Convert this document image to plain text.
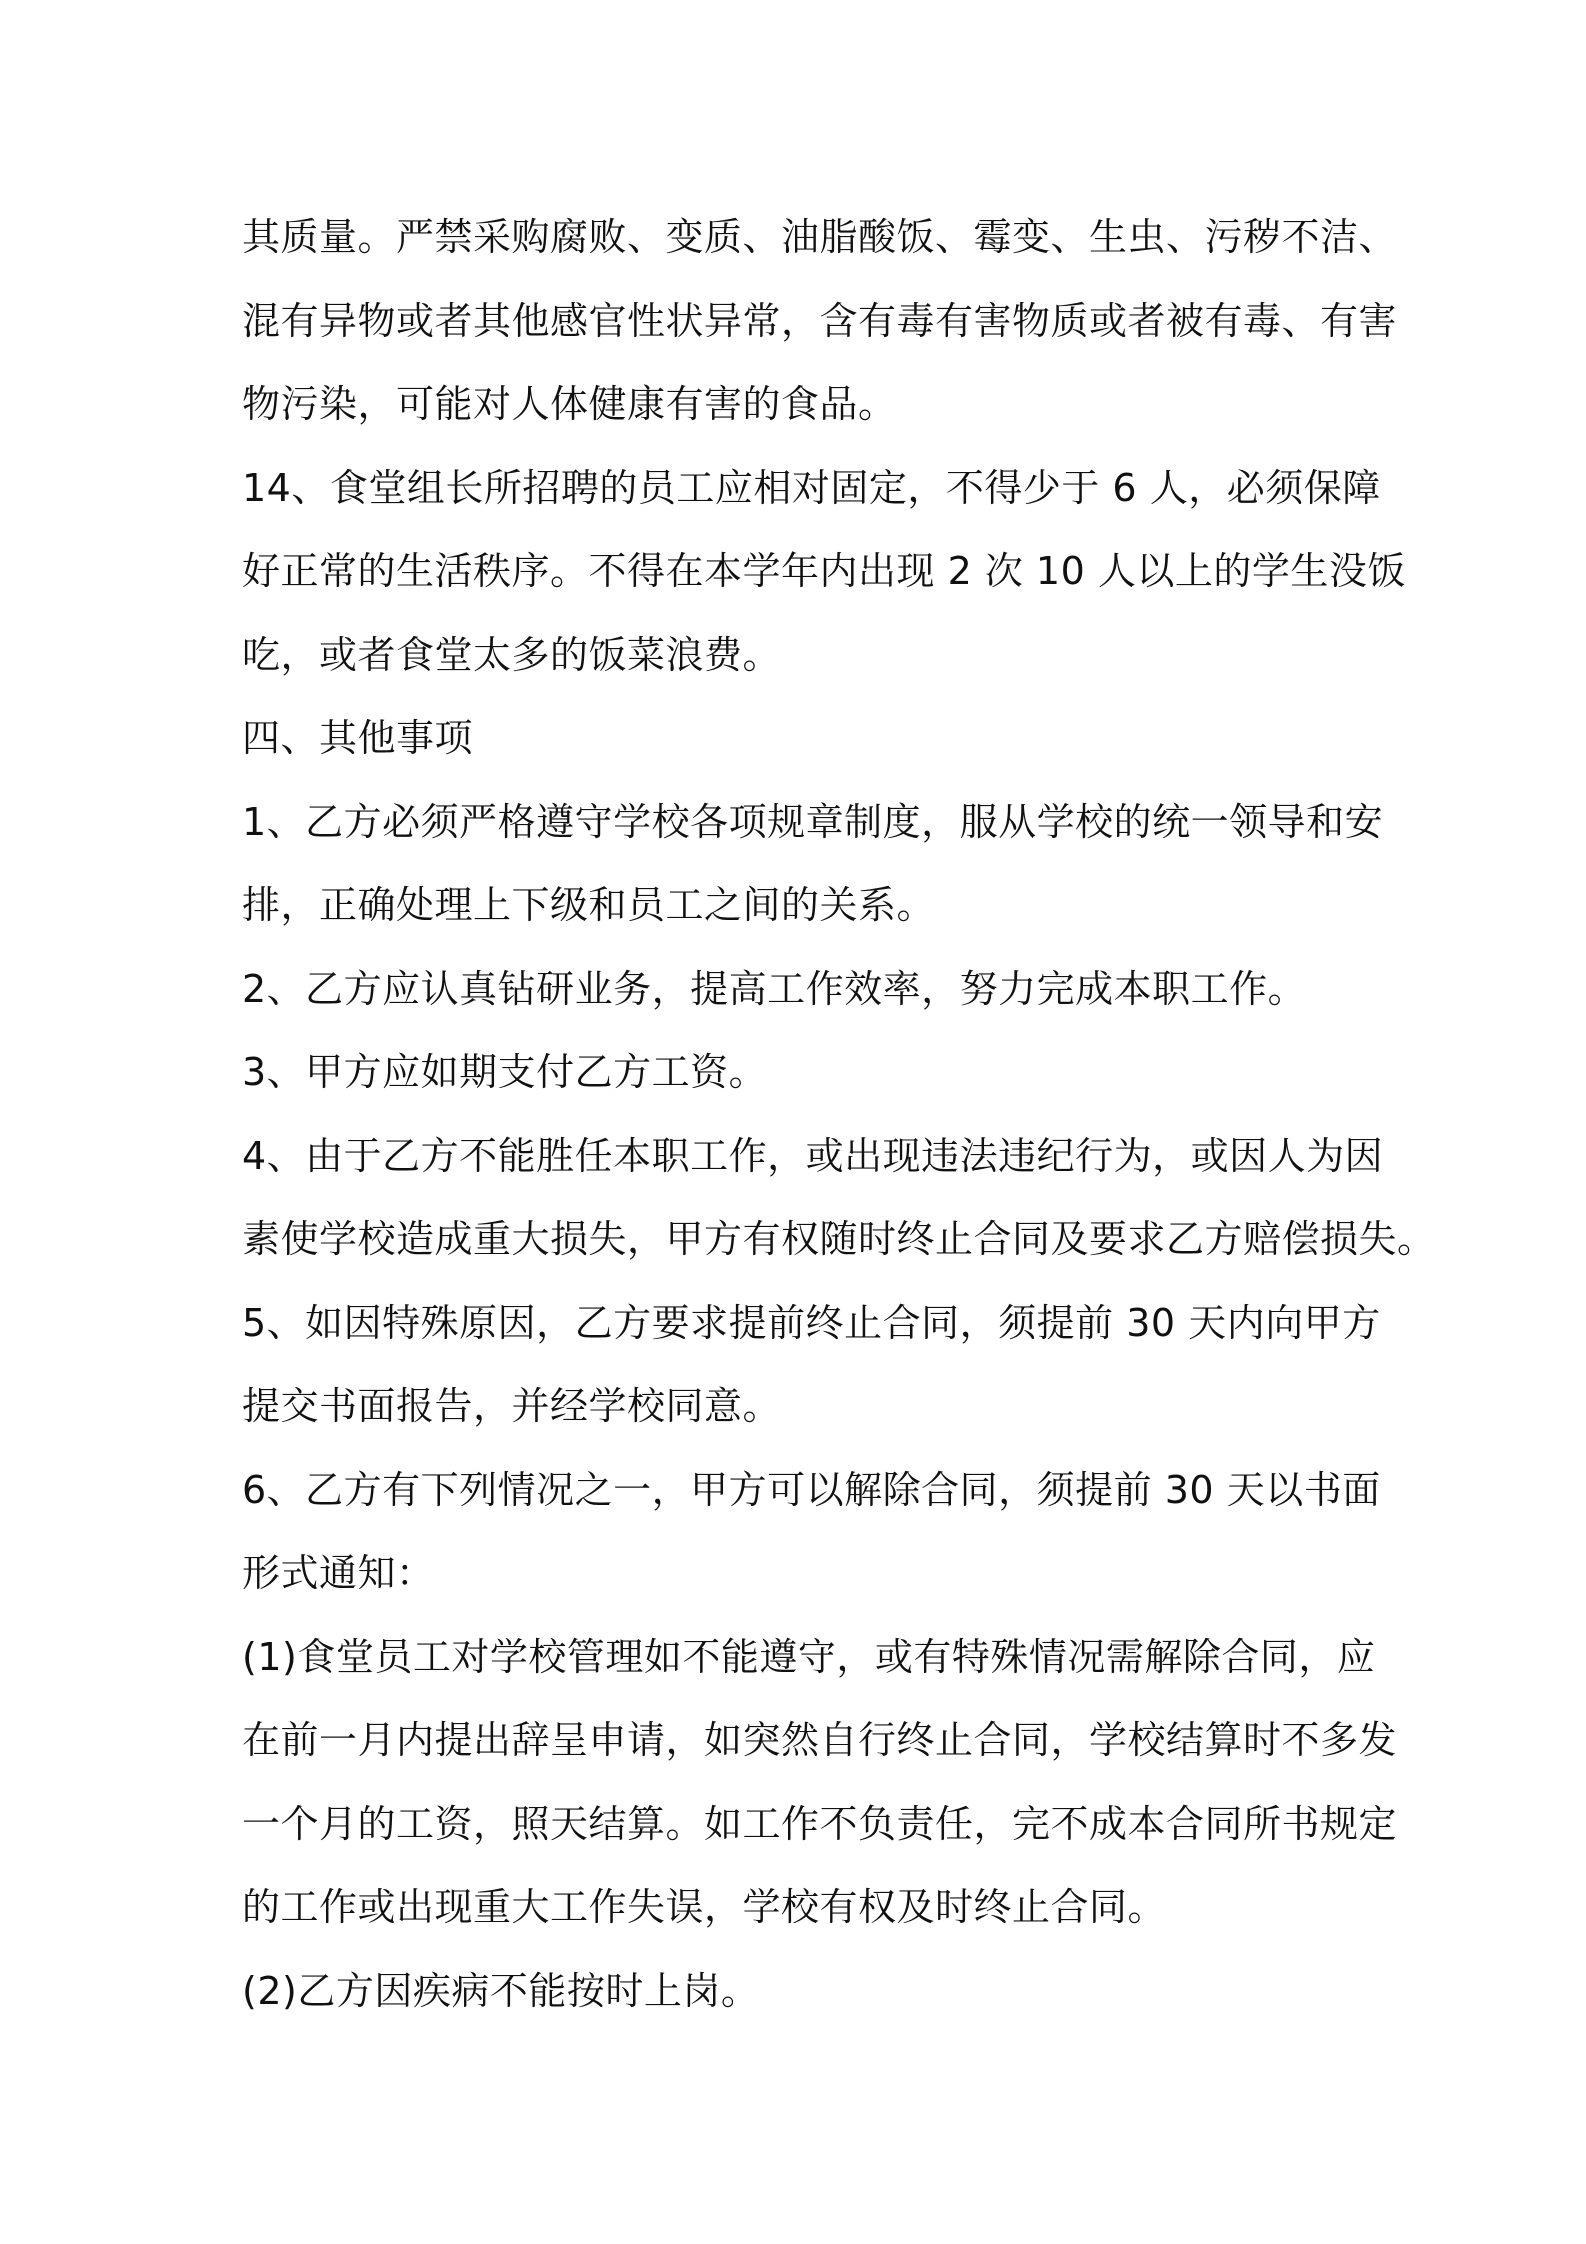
其质量。严禁采购腐败、变质、油脂酸饭、霉变、生虫、污秽不洁、
混有异物或者其他感官性状异常，含有毒有害物质或者被有毒、有害
物污染，可能对人体健康有害的食品。
14、食堂组长所招聘的员工应相对固定，不得少于 6 人，必须保障
好正常的生活秩序。不得在本学年内出现 2 次 10 人以上的学生没饭
吃，或者食堂太多的饭菜浪费。
四、其他事项
1、乙方必须严格遵守学校各项规章制度，服从学校的统一领导和安
排，正确处理上下级和员工之间的关系。
2、乙方应认真钻研业务，提高工作效率，努力完成本职工作。
3、甲方应如期支付乙方工资。
4、由于乙方不能胜任本职工作，或出现违法违纪行为，或因人为因
素使学校造成重大损失，甲方有权随时终止合同及要求乙方赔偿损失。
5、如因特殊原因，乙方要求提前终止合同，须提前 30 天内向甲方
提交书面报告，并经学校同意。
6、乙方有下列情况之一，甲方可以解除合同，须提前 30 天以书面
形式通知：
(1)食堂员工对学校管理如不能遵守，或有特殊情况需解除合同，应
在前一月内提出辞呈申请，如突然自行终止合同，学校结算时不多发
一个月的工资，照天结算。如工作不负责任，完不成本合同所书规定
的工作或出现重大工作失误，学校有权及时终止合同。
(2)乙方因疾病不能按时上岗。
